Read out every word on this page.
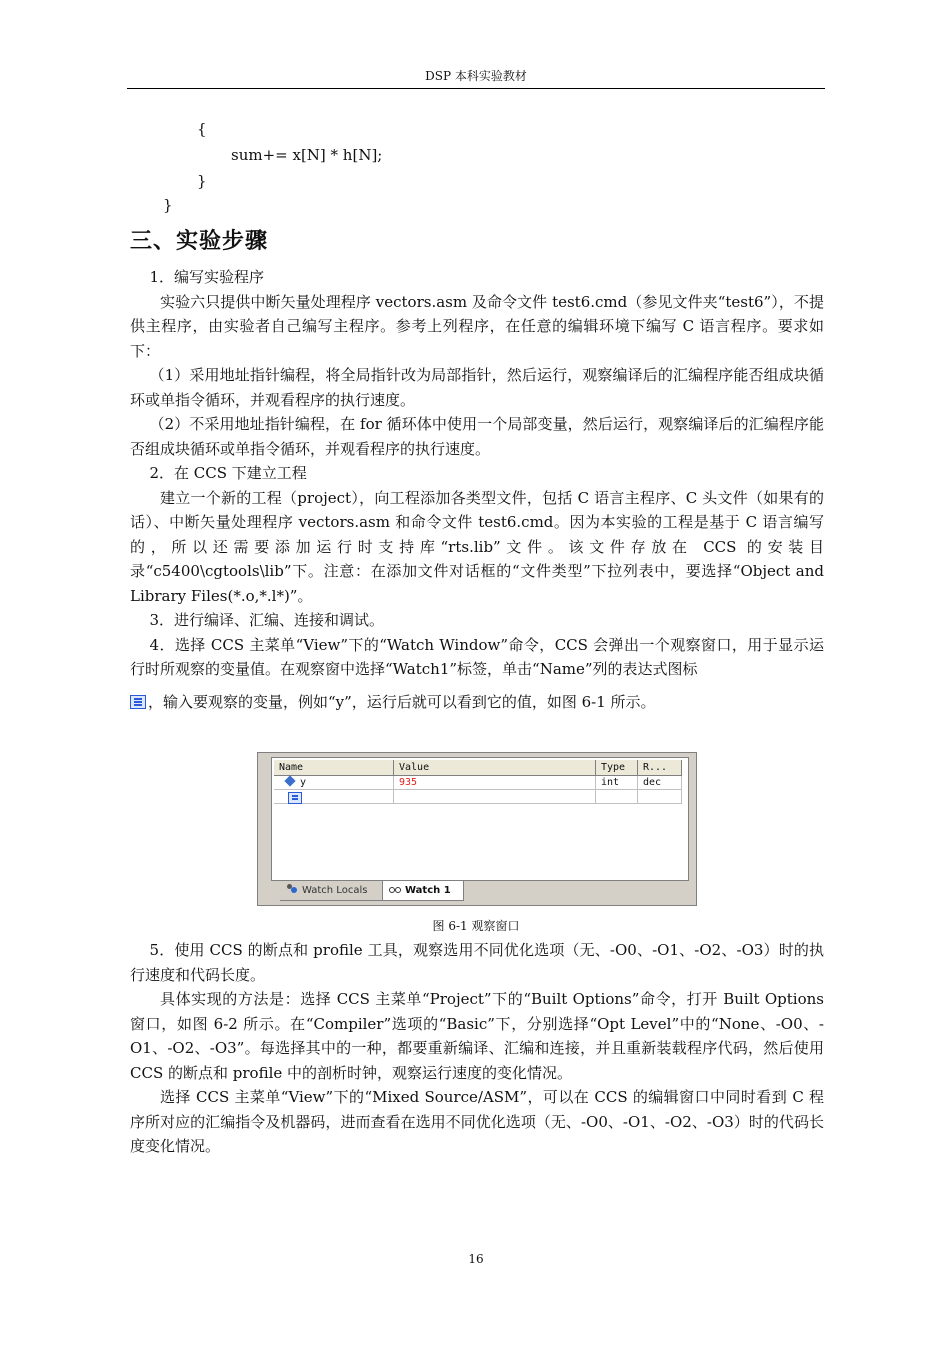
DSP 本科实验教材
{
sum+= x[N] * h[N];
}
}
三、实验步骤

1．编写实验程序

实验六只提供中断矢量处理程序 vectors.asm 及命令文件 test6.cmd（参见文件夹“test6”），不提供主程序，由实验者自己编写主程序。参考上列程序，在任意的编辑环境下编写 C 语言程序。要求如下：

（1）采用地址指针编程，将全局指针改为局部指针，然后运行，观察编译后的汇编程序能否组成块循环或单指令循环，并观看程序的执行速度。

（2）不采用地址指针编程，在 for 循环体中使用一个局部变量，然后运行，观察编译后的汇编程序能否组成块循环或单指令循环，并观看程序的执行速度。

2．在 CCS 下建立工程

建立一个新的工程（project），向工程添加各类型文件，包括 C 语言主程序、C 头文件（如果有的话）、中断矢量处理程序 vectors.asm 和命令文件 test6.cmd。因为本实验的工程是基于 C 语言编写的，所以还需要添加运行时支持库“rts.lib”文件。该文件存放在 CCS 的安装目录“c5400\cgtools\lib”下。注意：在添加文件对话框的“文件类型”下拉列表中，要选择“Object and Library Files(*.o,*.l*)”。

3．进行编译、汇编、连接和调试。

4．选择 CCS 主菜单“View”下的“Watch Window”命令，CCS 会弹出一个观察窗口，用于显示运行时所观察的变量值。在观察窗中选择“Watch1”标签，单击“Name”列的表达式图标

，输入要观察的变量，例如“y”，运行后就可以看到它的值，如图 6-1 所示。

Name	Value	Type	R...
y	935	int	dec
Watch Locals	Watch 1
图 6-1 观察窗口

5．使用 CCS 的断点和 profile 工具，观察选用不同优化选项（无、-O0、-O1、-O2、-O3）时的执行速度和代码长度。

具体实现的方法是：选择 CCS 主菜单“Project”下的“Built Options”命令，打开 Built Options 窗口，如图 6-2 所示。在“Compiler”选项的“Basic”下，分别选择“Opt Level”中的“None、-O0、-O1、-O2、-O3”。每选择其中的一种，都要重新编译、汇编和连接，并且重新装载程序代码，然后使用 CCS 的断点和 profile 中的剖析时钟，观察运行速度的变化情况。

选择 CCS 主菜单“View”下的“Mixed Source/ASM”，可以在 CCS 的编辑窗口中同时看到 C 程序所对应的汇编指令及机器码，进而查看在选用不同优化选项（无、-O0、-O1、-O2、-O3）时的代码长度变化情况。

16
